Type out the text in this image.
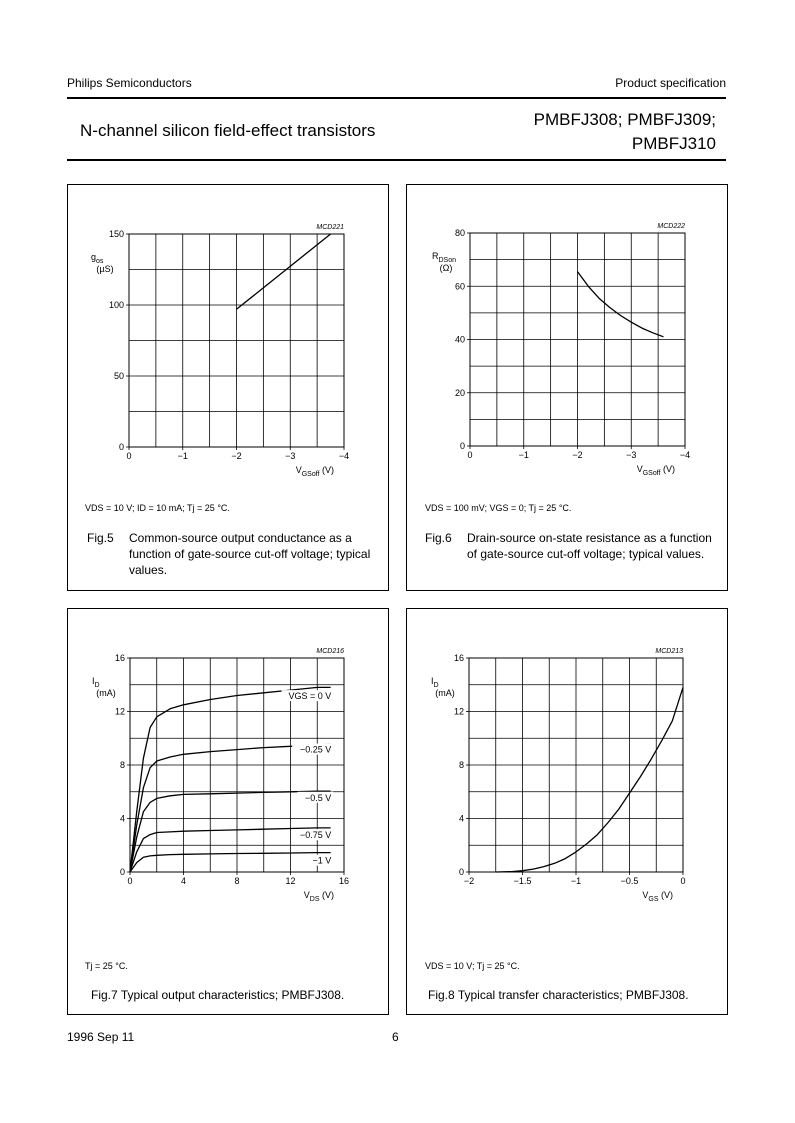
Philips Semiconductors	Product specification
N-channel silicon field-effect transistors
PMBFJ308; PMBFJ309;
PMBFJ310
0	−1	−2	−3	−4
0
50
100
150
MCD221
$g_{os}$
(µS)
$V_{GSoff}$ (V)
VDS = 10 V; ID = 10 mA; Tj = 25 °C.
Fig.5 Common-source output conductance as a function of gate-source cut-off voltage; typical values.
0	−1	−2	−3	−4
0
20
40
60
80
MCD222
$R_{DSon}$
(Ω)
$V_{GSoff}$ (V)
VDS = 100 mV; VGS = 0; Tj = 25 °C.
Fig.6 Drain-source on-state resistance as a function of gate-source cut-off voltage; typical values.
0	4	8	12	16
0
4
8
12
16
MCD216
$I_D$
(mA)
$V_{DS}$ (V)
VGS = 0 V
−0.25 V
−0.5 V
−0.75 V
−1 V
Tj = 25 °C.
Fig.7 Typical output characteristics; PMBFJ308.
−2	−1.5	−1	−0.5	0
0
4
8
12
16
MCD213
$I_D$
(mA)
$V_{GS}$ (V)
VDS = 10 V; Tj = 25 °C.
Fig.8 Typical transfer characteristics; PMBFJ308.
1996 Sep 11	6
